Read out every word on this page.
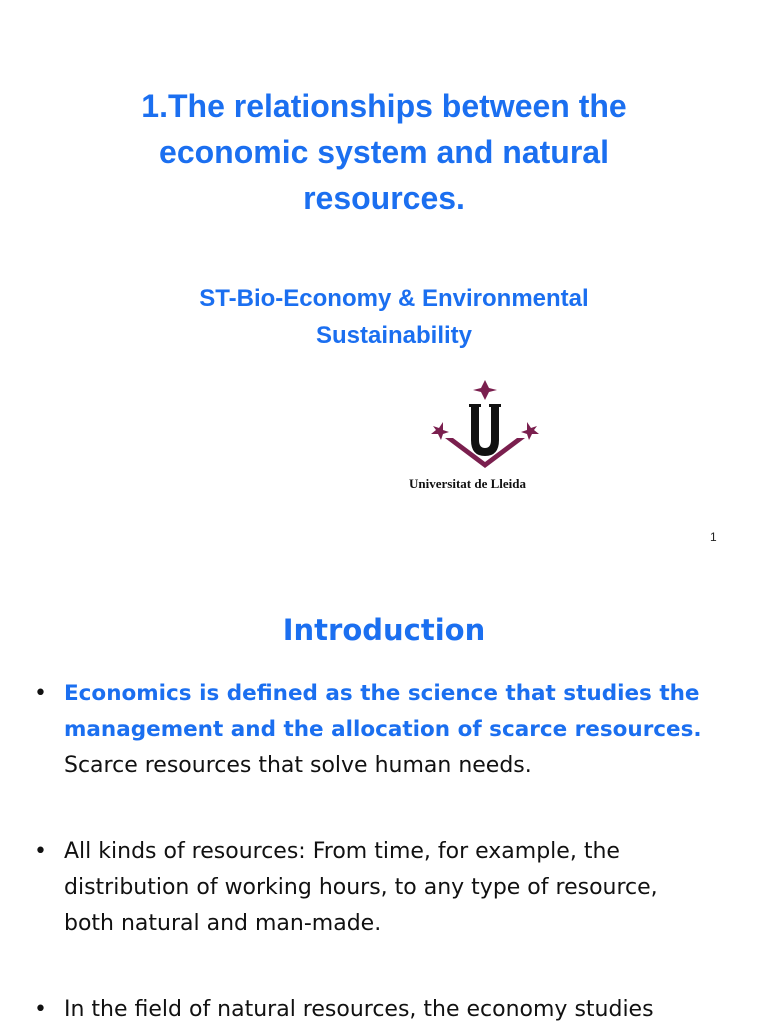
1.The relationships between the
economic system and natural
resources.
ST-Bio-Economy & Environmental
Sustainability
Universitat de Lleida
1
Introduction
• Economics is defined as the science that studies the
management and the allocation of scarce resources.
Scarce resources that solve human needs.
• All kinds of resources: From time, for example, the
distribution of working hours, to any type of resource,
both natural and man-made.
• In the field of natural resources, the economy studies
